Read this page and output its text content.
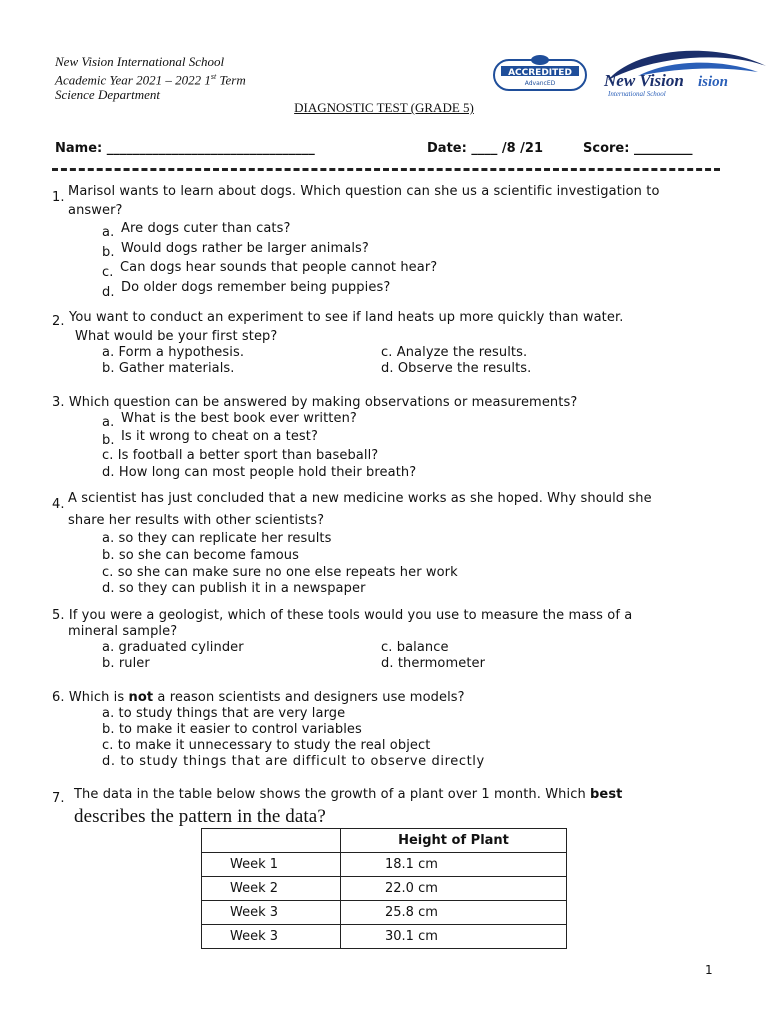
New Vision International School
Academic Year 2021 – 2022 1st Term
Science Department
ACCREDITED
AdvancED	New Vision ision
International School
DIAGNOSTIC TEST (GRADE 5)
Name: ________________________________	Date: ____ /8 /21	Score: _________
1. Marisol wants to learn about dogs. Which question can she us a scientific investigation to
answer?
a. Are dogs cuter than cats?
b. Would dogs rather be larger animals?
c. Can dogs hear sounds that people cannot hear?
d. Do older dogs remember being puppies?
2. You want to conduct an experiment to see if land heats up more quickly than water.
What would be your first step?
a. Form a hypothesis.
b. Gather materials.
c. Analyze the results.
d. Observe the results.
3. Which question can be answered by making observations or measurements?
a. What is the best book ever written?
b. Is it wrong to cheat on a test?
c. Is football a better sport than baseball?
d. How long can most people hold their breath?
4. A scientist has just concluded that a new medicine works as she hoped. Why should she
share her results with other scientists?
a. so they can replicate her results
b. so she can become famous
c. so she can make sure no one else repeats her work
d. so they can publish it in a newspaper
5. If you were a geologist, which of these tools would you use to measure the mass of a
mineral sample?
a. graduated cylinder
b. ruler
c. balance
d. thermometer
6. Which is not a reason scientists and designers use models?
a. to study things that are very large
b. to make it easier to control variables
c. to make it unnecessary to study the real object
d. to study things that are difficult to observe directly
7. The data in the table below shows the growth of a plant over 1 month. Which best
describes the pattern in the data?
	Height of Plant
Week 1	18.1 cm
Week 2	22.0 cm
Week 3	25.8 cm
Week 3	30.1 cm
1
